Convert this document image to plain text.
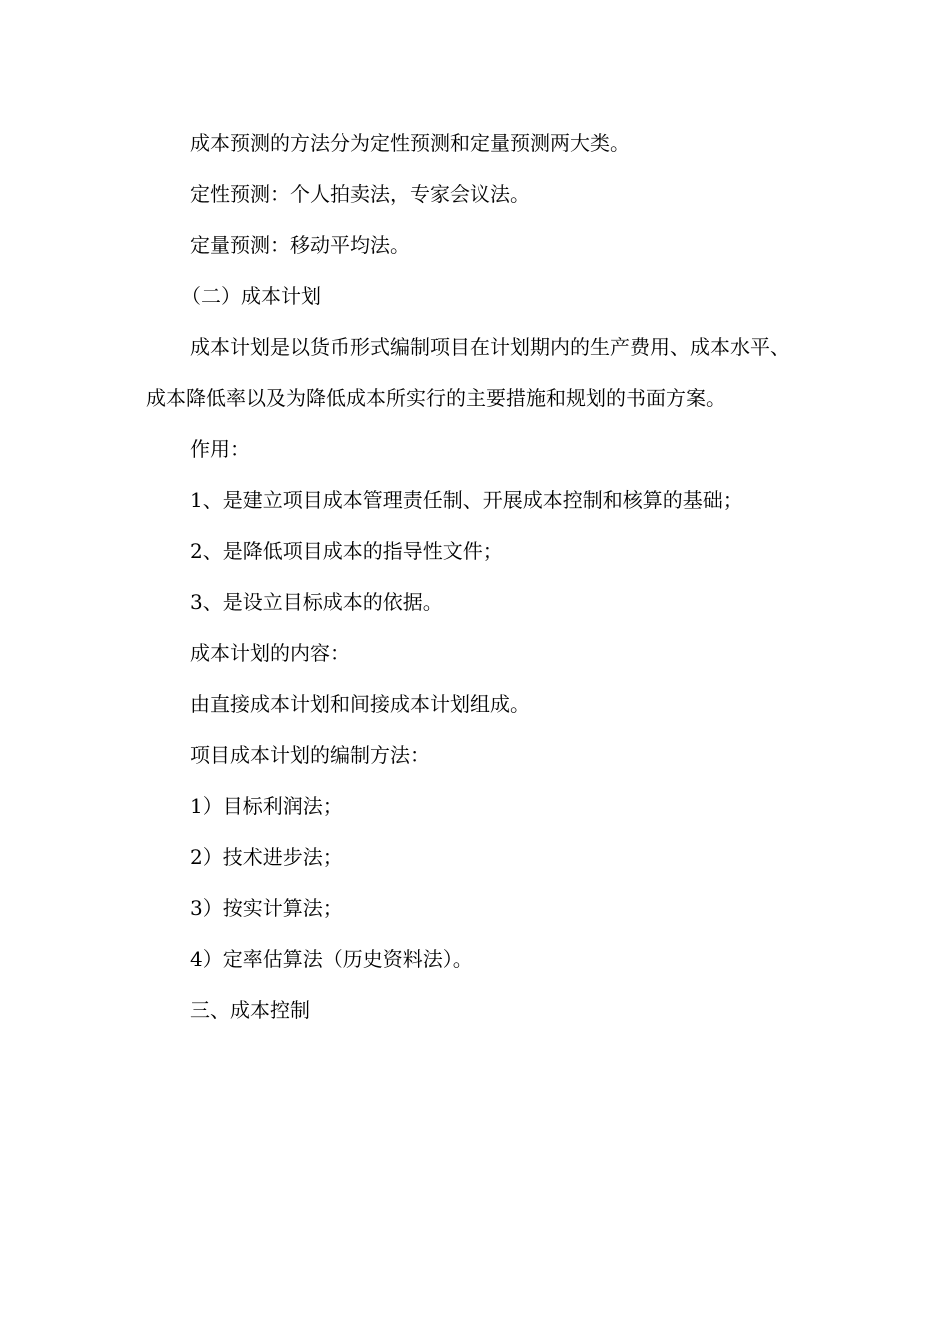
成本预测的方法分为定性预测和定量预测两大类。

定性预测：个人拍卖法，专家会议法。

定量预测：移动平均法。

（二）成本计划

成本计划是以货币形式编制项目在计划期内的生产费用、成本水平、成本降低率以及为降低成本所实行的主要措施和规划的书面方案。

作用：

1、是建立项目成本管理责任制、开展成本控制和核算的基础；

2、是降低项目成本的指导性文件；

3、是设立目标成本的依据。

成本计划的内容：

由直接成本计划和间接成本计划组成。

项目成本计划的编制方法：

1）目标利润法；

2）技术进步法；

3）按实计算法；

4）定率估算法（历史资料法）。

三、成本控制
